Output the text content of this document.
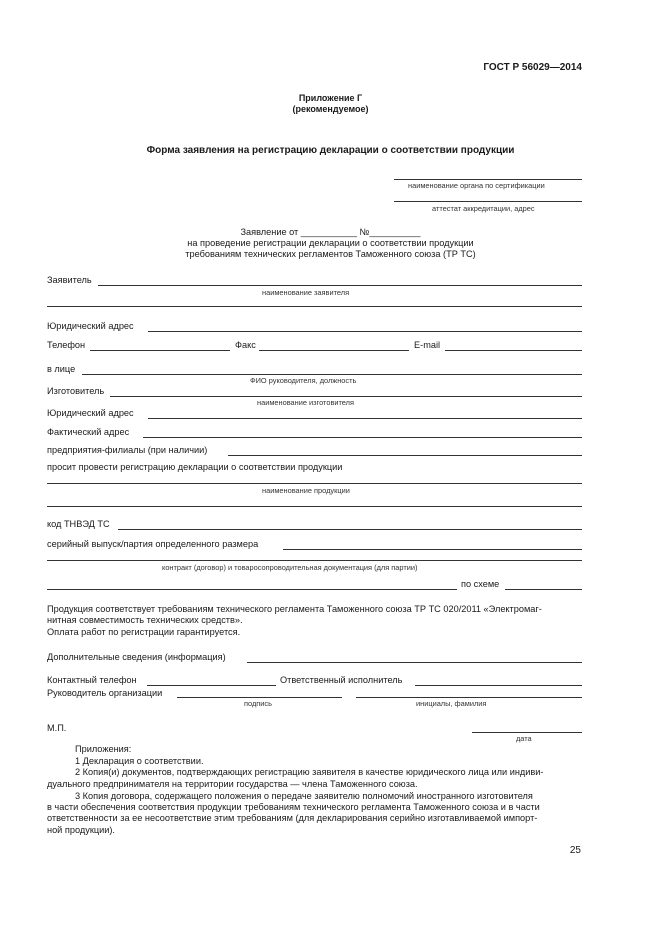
ГОСТ Р 56029—2014
Приложение Г
(рекомендуемое)
Форма заявления на регистрацию декларации о соответствии продукции
наименование органа по сертификации
аттестат аккредитации, адрес
Заявление от ___________ №__________
на проведение регистрации декларации о соответствии продукции
требованиям технических регламентов Таможенного союза (ТР ТС)
Заявитель
наименование заявителя
Юридический адрес
Телефон	Факс	E-mail
в лице
ФИО руководителя, должность
Изготовитель
наименование изготовителя
Юридический адрес
Фактический адрес
предприятия-филиалы (при наличии)
просит провести регистрацию декларации о соответствии продукции
наименование продукции
код ТНВЭД ТС
серийный выпуск/партия определенного размера
контракт (договор) и товаросопроводительная документация (для партии)
по схеме
Продукция соответствует требованиям технического регламента Таможенного союза ТР ТС 020/2011 «Электромаг-
нитная совместимость технических средств».
Оплата работ по регистрации гарантируется.
Дополнительные сведения (информация)
Контактный телефон	Ответственный исполнитель
Руководитель организации
подпись	инициалы, фамилия
М.П.
дата
Приложения:
1 Декларация о соответствии.
2 Копия(и) документов, подтверждающих регистрацию заявителя в качестве юридического лица или индиви-
дуального предпринимателя на территории государства — члена Таможенного союза.
3 Копия договора, содержащего положения о передаче заявителю полномочий иностранного изготовителя
в части обеспечения соответствия продукции требованиям технического регламента Таможенного союза и в части
ответственности за ее несоответствие этим требованиям (для декларирования серийно изготавливаемой импорт-
ной продукции).
25
